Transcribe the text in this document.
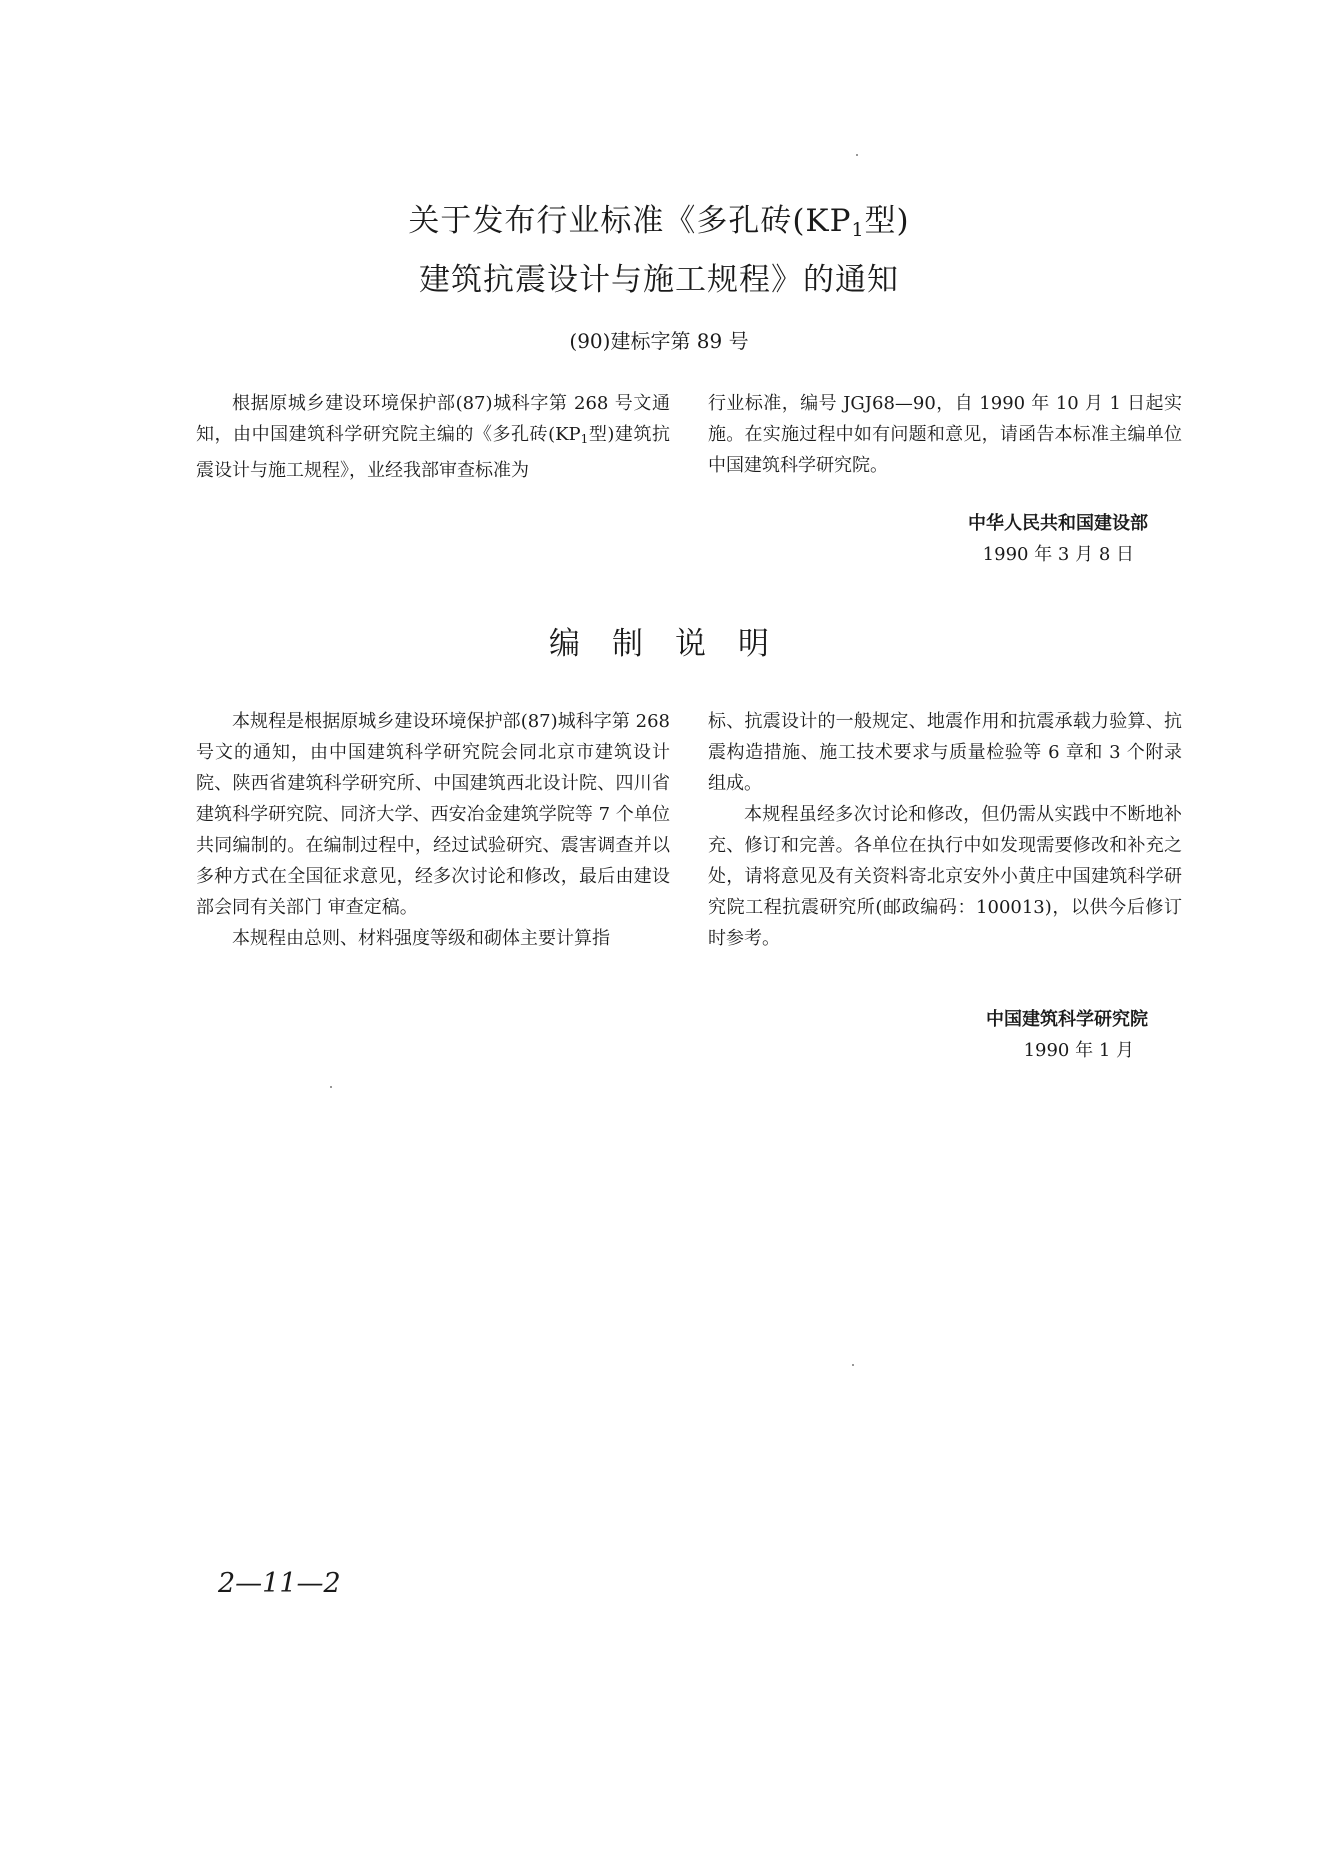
关于发布行业标准《多孔砖($KP_1$型)
建筑抗震设计与施工规程》的通知
(90)建标字第 89 号

根据原城乡建设环境保护部(87)城科字第 268 号文通知，由中国建筑科学研究院主编的《多孔砖($KP_1$型)建筑抗震设计与施工规程》，业经我部审查标准为

行业标准，编号 JGJ68—90，自 1990 年 10 月 1 日起实施。在实施过程中如有问题和意见，请函告本标准主编单位中国建筑科学研究院。

中华人民共和国建设部
1990 年 3 月 8 日
编制说明

本规程是根据原城乡建设环境保护部(87)城科字第 268 号文的通知，由中国建筑科学研究院会同北京市建筑设计院、陕西省建筑科学研究所、中国建筑西北设计院、四川省建筑科学研究院、同济大学、西安冶金建筑学院等 7 个单位共同编制的。在编制过程中，经过试验研究、震害调查并以多种方式在全国征求意见，经多次讨论和修改，最后由建设部会同有关部门 审查定稿。

本规程由总则、材料强度等级和砌体主要计算指

标、抗震设计的一般规定、地震作用和抗震承载力验算、抗震构造措施、施工技术要求与质量检验等 6 章和 3 个附录组成。

本规程虽经多次讨论和修改，但仍需从实践中不断地补充、修订和完善。各单位在执行中如发现需要修改和补充之处，请将意见及有关资料寄北京安外小黄庄中国建筑科学研究院工程抗震研究所(邮政编码：100013)，以供今后修订时参考。

中国建筑科学研究院
1990 年 1 月
2—11—2
